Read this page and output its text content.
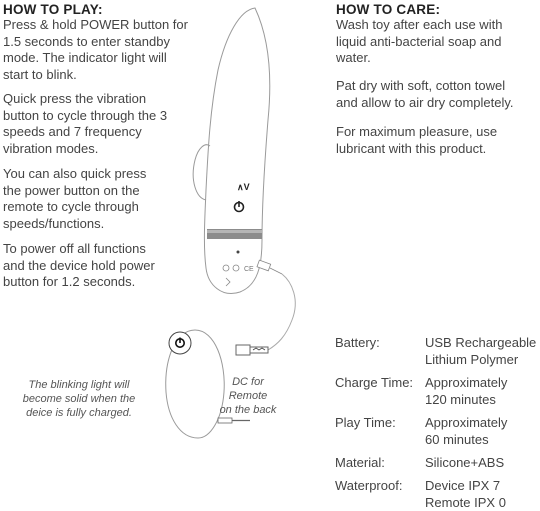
∧V
CE
HOW TO PLAY:
Press & hold POWER button for
1.5 seconds to enter standby
mode. The indicator light will
start to blink.
Quick press the vibration
button to cycle through the 3
speeds and 7 frequency
vibration modes.
You can also quick press
the power button on the
remote to cycle through
speeds/functions.
To power off all functions
and the device hold power
button for 1.2 seconds.
HOW TO CARE:
Wash toy after each use with
liquid anti-bacterial soap and
water.
Pat dry with soft, cotton towel
and allow to air dry completely.
For maximum pleasure, use
lubricant with this product.
The blinking light will
become solid when the
deice is fully charged.
DC for
Remote
on the back
Battery:	USB Rechargeable
Lithium Polymer
Charge Time: Approximately
120 minutes
Play Time: Approximately
60 minutes
Material:	Silicone+ABS
Waterproof: Device IPX 7
Remote IPX 0
